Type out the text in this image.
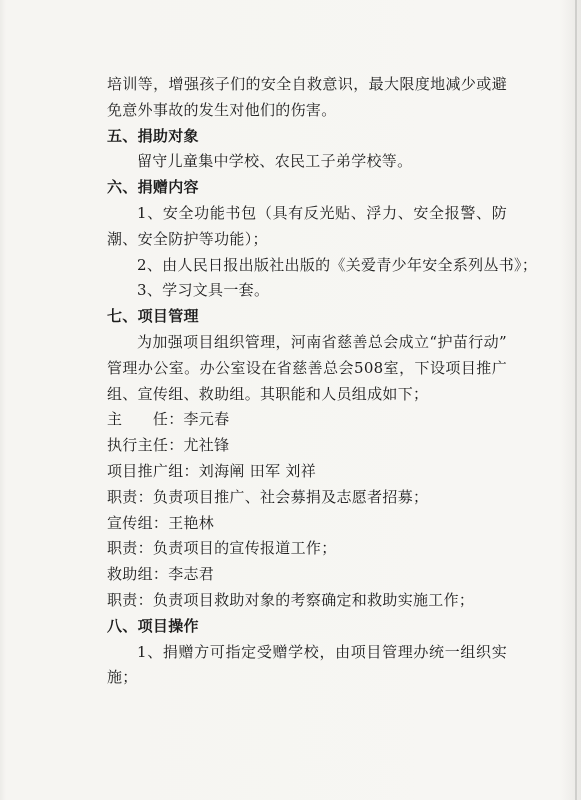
培训等，增强孩子们的安全自救意识，最大限度地减少或避
免意外事故的发生对他们的伤害。
五、捐助对象
留守儿童集中学校、农民工子弟学校等。
六、捐赠内容
1、安全功能书包（具有反光贴、浮力、安全报警、防
潮、安全防护等功能）；
2、由人民日报出版社出版的《关爱青少年安全系列丛书》；
3、学习文具一套。
七、项目管理
为加强项目组织管理，河南省慈善总会成立“护苗行动”
管理办公室。办公室设在省慈善总会508室，下设项目推广
组、宣传组、救助组。其职能和人员组成如下；
主　　任：李元春
执行主任：尤社锋
项目推广组：刘海阐 田军 刘祥
职责：负责项目推广、社会募捐及志愿者招募；
宣传组：王艳林
职责：负责项目的宣传报道工作；
救助组：李志君
职责：负责项目救助对象的考察确定和救助实施工作；
八、项目操作
1、捐赠方可指定受赠学校，由项目管理办统一组织实
施；
